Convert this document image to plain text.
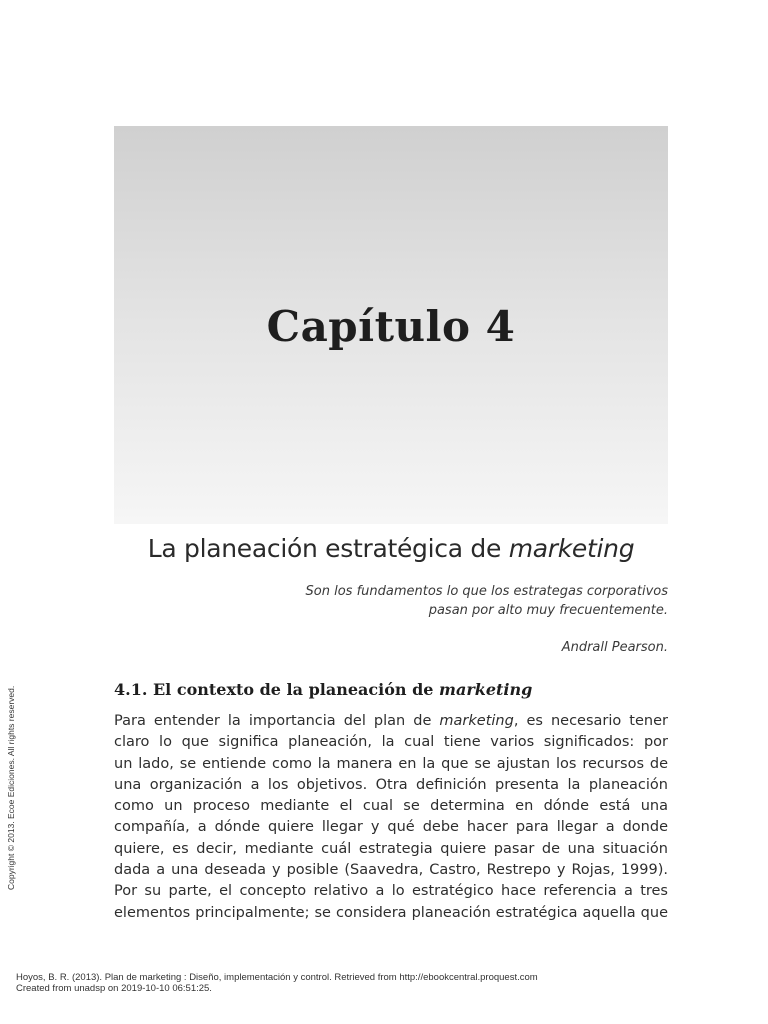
Capítulo 4
La planeación estratégica de marketing
Son los fundamentos lo que los estrategas corporativos
pasan por alto muy frecuentemente.
Andrall Pearson.
4.1. El contexto de la planeación de marketing

Para entender la importancia del plan de marketing, es necesario tener
claro lo que significa planeación, la cual tiene varios significados: por
un lado, se entiende como la manera en la que se ajustan los recursos de
una organización a los objetivos. Otra definición presenta la planeación
como un proceso mediante el cual se determina en dónde está una
compañía, a dónde quiere llegar y qué debe hacer para llegar a donde
quiere, es decir, mediante cuál estrategia quiere pasar de una situación
dada a una deseada y posible (Saavedra, Castro, Restrepo y Rojas, 1999).
Por su parte, el concepto relativo a lo estratégico hace referencia a tres
elementos principalmente; se considera planeación estratégica aquella que

Copyright © 2013. Ecoe Ediciones. All rights reserved.
Hoyos, B. R. (2013). Plan de marketing : Diseño, implementación y control. Retrieved from http://ebookcentral.proquest.com
Created from unadsp on 2019-10-10 06:51:25.
